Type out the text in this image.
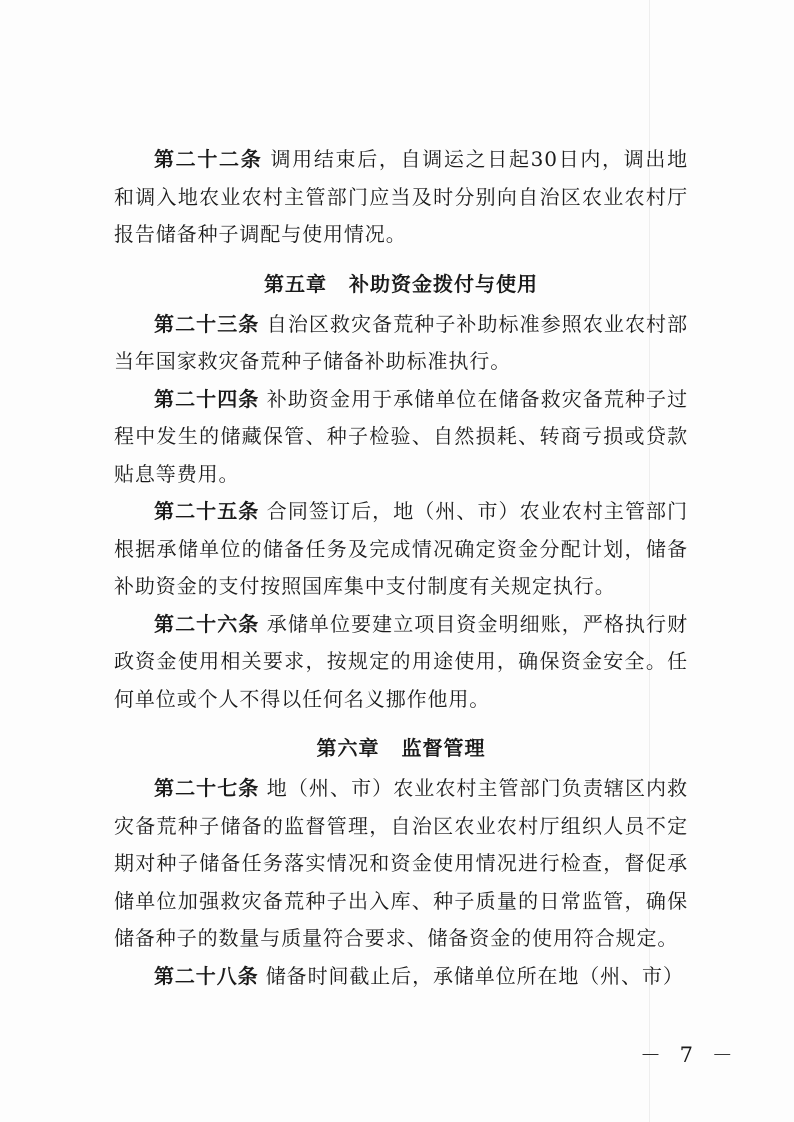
第二十二条 调用结束后，自调运之日起30日内，调出地和调入地农业农村主管部门应当及时分别向自治区农业农村厅报告储备种子调配与使用情况。

第五章 补助资金拨付与使用

第二十三条 自治区救灾备荒种子补助标准参照农业农村部当年国家救灾备荒种子储备补助标准执行。

第二十四条 补助资金用于承储单位在储备救灾备荒种子过程中发生的储藏保管、种子检验、自然损耗、转商亏损或贷款贴息等费用。

第二十五条 合同签订后，地（州、市）农业农村主管部门根据承储单位的储备任务及完成情况确定资金分配计划，储备补助资金的支付按照国库集中支付制度有关规定执行。

第二十六条 承储单位要建立项目资金明细账，严格执行财政资金使用相关要求，按规定的用途使用，确保资金安全。任何单位或个人不得以任何名义挪作他用。

第六章 监督管理

第二十七条 地（州、市）农业农村主管部门负责辖区内救灾备荒种子储备的监督管理，自治区农业农村厅组织人员不定期对种子储备任务落实情况和资金使用情况进行检查，督促承储单位加强救灾备荒种子出入库、种子质量的日常监管，确保储备种子的数量与质量符合要求、储备资金的使用符合规定。

第二十八条 储备时间截止后，承储单位所在地（州、市）

－ 7 －
